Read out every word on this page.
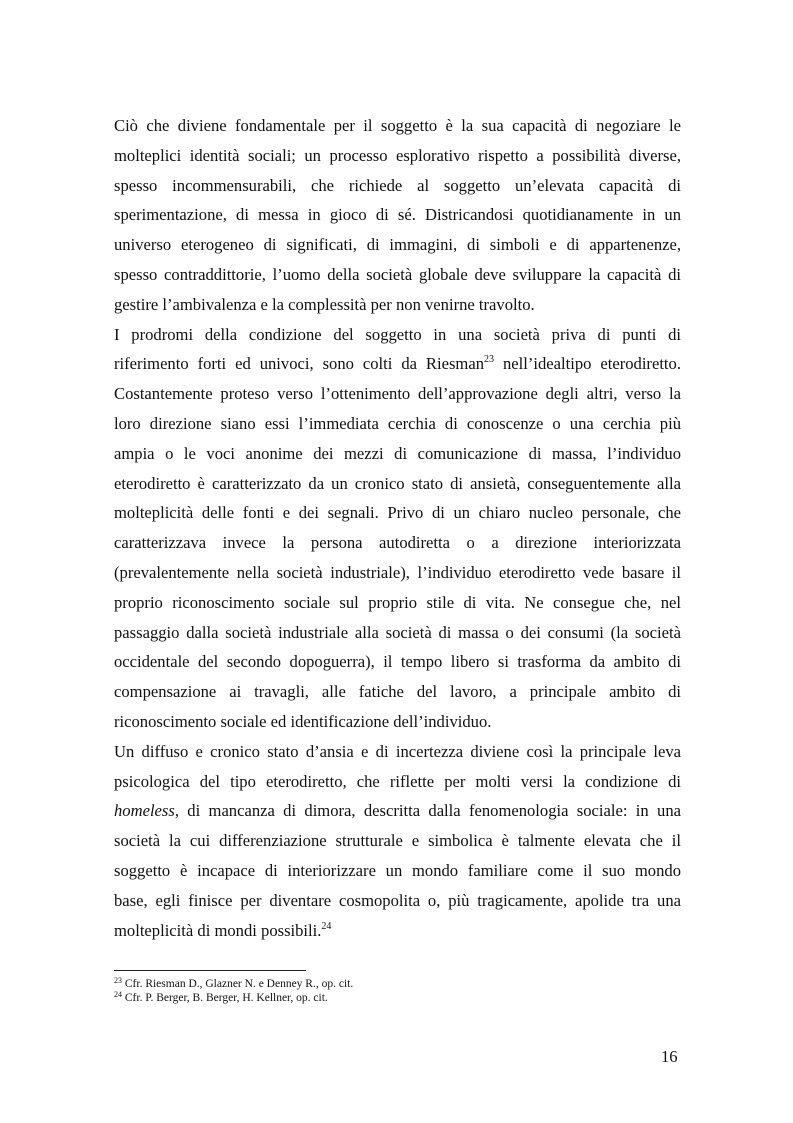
Ciò che diviene fondamentale per il soggetto è la sua capacità di negoziare le
molteplici identità sociali; un processo esplorativo rispetto a possibilità diverse,
spesso incommensurabili, che richiede al soggetto un’elevata capacità di
sperimentazione, di messa in gioco di sé. Districandosi quotidianamente in un
universo eterogeneo di significati, di immagini, di simboli e di appartenenze,
spesso contraddittorie, l’uomo della società globale deve sviluppare la capacità di
gestire l’ambivalenza e la complessità per non venirne travolto.
I prodromi della condizione del soggetto in una società priva di punti di
riferimento forti ed univoci, sono colti da Riesman$^{23}$ nell’idealtipo eterodiretto.
Costantemente proteso verso l’ottenimento dell’approvazione degli altri, verso la
loro direzione siano essi l’immediata cerchia di conoscenze o una cerchia più
ampia o le voci anonime dei mezzi di comunicazione di massa, l’individuo
eterodiretto è caratterizzato da un cronico stato di ansietà, conseguentemente alla
molteplicità delle fonti e dei segnali. Privo di un chiaro nucleo personale, che
caratterizzava invece la persona autodiretta o a direzione interiorizzata
(prevalentemente nella società industriale), l’individuo eterodiretto vede basare il
proprio riconoscimento sociale sul proprio stile di vita. Ne consegue che, nel
passaggio dalla società industriale alla società di massa o dei consumi (la società
occidentale del secondo dopoguerra), il tempo libero si trasforma da ambito di
compensazione ai travagli, alle fatiche del lavoro, a principale ambito di
riconoscimento sociale ed identificazione dell’individuo.
Un diffuso e cronico stato d’ansia e di incertezza diviene così la principale leva
psicologica del tipo eterodiretto, che riflette per molti versi la condizione di
homeless, di mancanza di dimora, descritta dalla fenomenologia sociale: in una
società la cui differenziazione strutturale e simbolica è talmente elevata che il
soggetto è incapace di interiorizzare un mondo familiare come il suo mondo
base, egli finisce per diventare cosmopolita o, più tragicamente, apolide tra una
molteplicità di mondi possibili.$^{24}$
$^{23}$ Cfr. Riesman D., Glazner N. e Denney R., op. cit.
$^{24}$ Cfr. P. Berger, B. Berger, H. Kellner, op. cit.
16
